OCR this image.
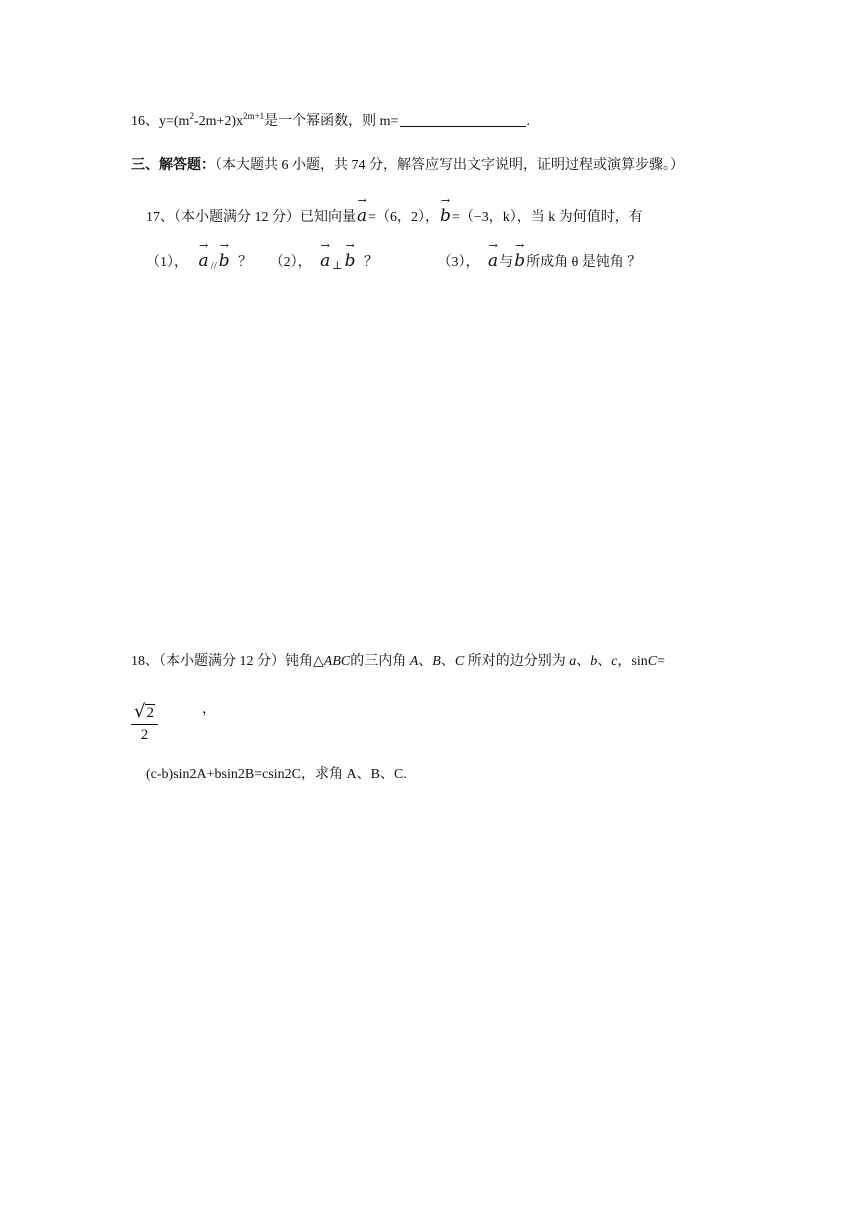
16、$y=(m^2-2m+2)x^{2m+1}$是一个幂函数，则 m=	.
三、解答题：（本大题共 6 小题，共 74 分，解答应写出文字说明，证明过程或演算步骤。）
17、（本小题满分 12 分）已知向量
→
a=（6，2），
→
b=（−3，k），当 k 为何值时，有
（1），
→
a $_{//}$
→
b ？ （2），
→
a $_\perp$
→
b ？	（3），
→
a与
→
b所成角 θ 是钝角 ？
18、（本小题满分 12 分）钝角△ABC的三内角 A、B、C 所对的边分别为 a、b、c，sinC=
$\frac{√2}{2}$	，
(c-b)sin2A+bsin2B=csin2C，求角 A、B、C.
